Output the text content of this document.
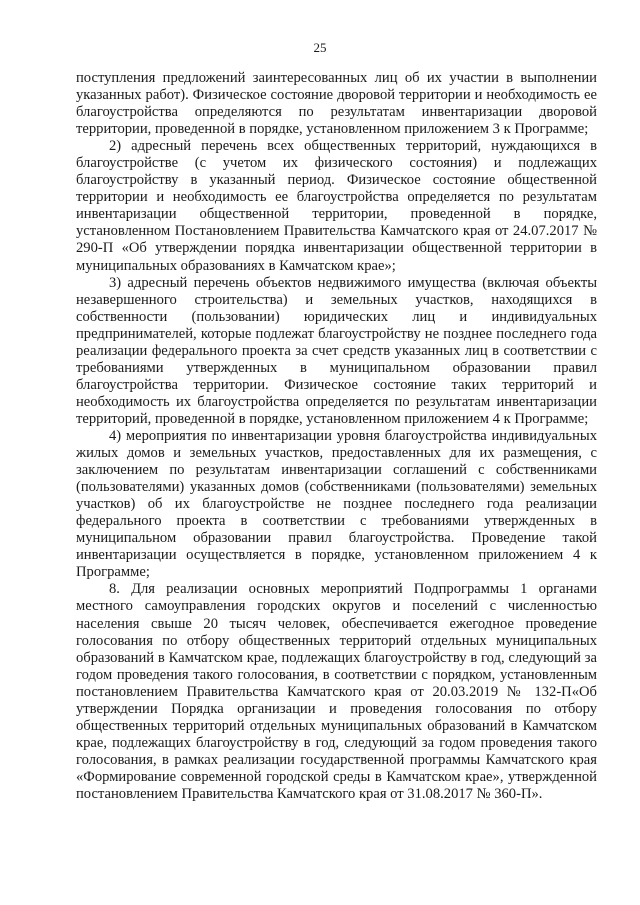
25

поступления предложений заинтересованных лиц об их участии в выполнении указанных работ). Физическое состояние дворовой территории и необходимость ее благоустройства определяются по результатам инвентаризации дворовой территории, проведенной в порядке, установленном приложением 3 к Программе;

2) адресный перечень всех общественных территорий, нуждающихся в благоустройстве (с учетом их физического состояния) и подлежащих благоустройству в указанный период. Физическое состояние общественной территории и необходимость ее благоустройства определяется по результатам инвентаризации общественной территории, проведенной в порядке, установленном Постановлением Правительства Камчатского края от 24.07.2017 № 290-П «Об утверждении порядка инвентаризации общественной территории в муниципальных образованиях в Камчатском крае»;

3) адресный перечень объектов недвижимого имущества (включая объекты незавершенного строительства) и земельных участков, находящихся в собственности (пользовании) юридических лиц и индивидуальных предпринимателей, которые подлежат благоустройству не позднее последнего года реализации федерального проекта за счет средств указанных лиц в соответствии с требованиями утвержденных в муниципальном образовании правил благоустройства территории. Физическое состояние таких территорий и необходимость их благоустройства определяется по результатам инвентаризации территорий, проведенной в порядке, установленном приложением 4 к Программе;

4) мероприятия по инвентаризации уровня благоустройства индивидуальных жилых домов и земельных участков, предоставленных для их размещения, с заключением по результатам инвентаризации соглашений с собственниками (пользователями) указанных домов (собственниками (пользователями) земельных участков) об их благоустройстве не позднее последнего года реализации федерального проекта в соответствии с требованиями утвержденных в муниципальном образовании правил благоустройства. Проведение такой инвентаризации осуществляется в порядке, установленном приложением 4 к Программе;

8. Для реализации основных мероприятий Подпрограммы 1 органами местного самоуправления городских округов и поселений с численностью населения свыше 20 тысяч человек, обеспечивается ежегодное проведение голосования по отбору общественных территорий отдельных муниципальных образований в Камчатском крае, подлежащих благоустройству в год, следующий за годом проведения такого голосования, в соответствии с порядком, установленным постановлением Правительства Камчатского края от 20.03.2019 № 132-П«Об утверждении Порядка организации и проведения голосования по отбору общественных территорий отдельных муниципальных образований в Камчатском крае, подлежащих благоустройству в год, следующий за годом проведения такого голосования, в рамках реализации государственной программы Камчатского края «Формирование современной городской среды в Камчатском крае», утвержденной постановлением Правительства Камчатского края от 31.08.2017 № 360-П».
